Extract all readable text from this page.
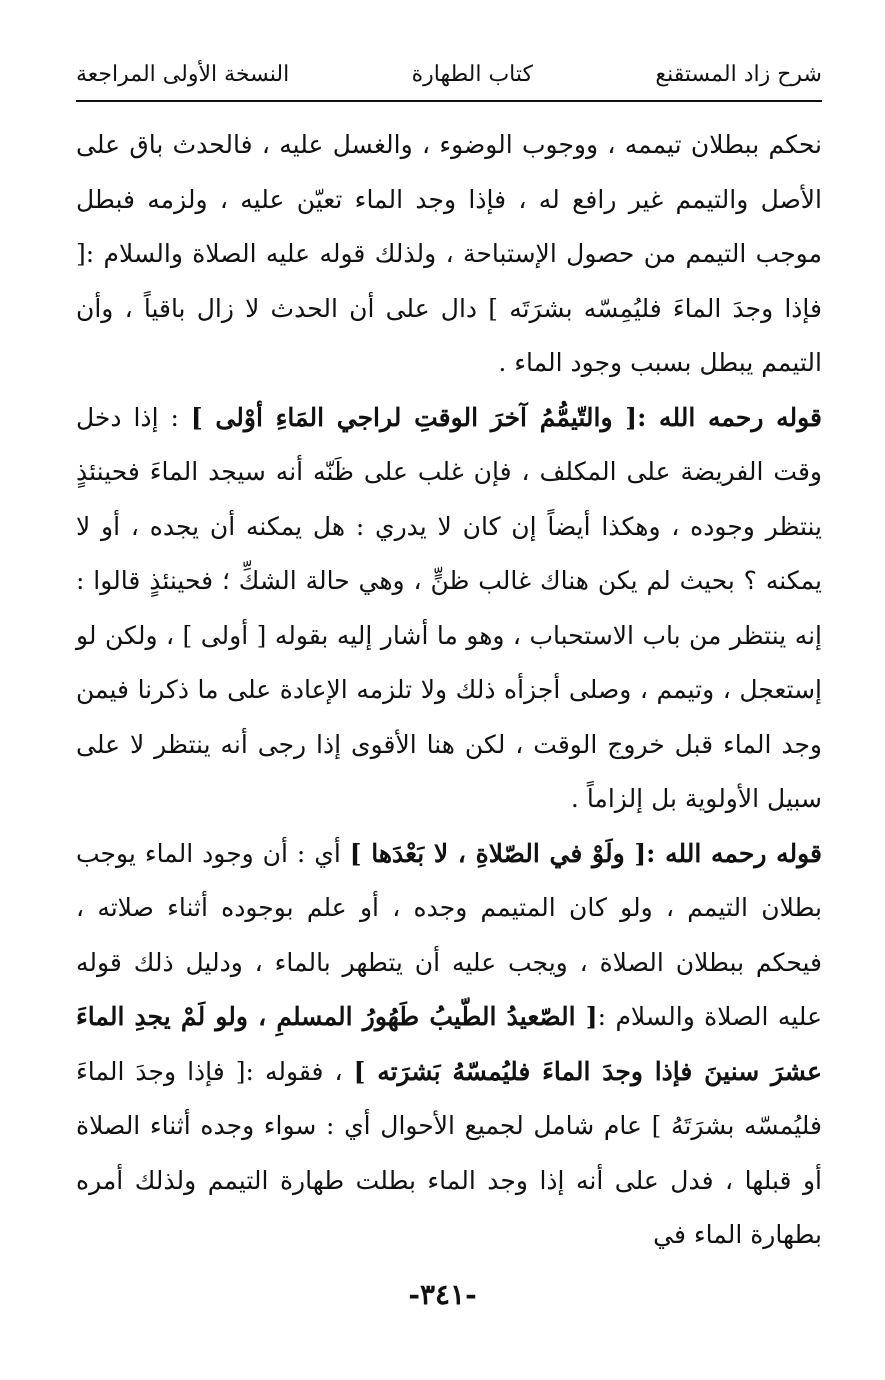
شرح زاد المستقنع
كتاب الطهارة
النسخة الأولى المراجعة

نحكم ببطلان تيممه ، ووجوب الوضوء ، والغسل عليه ، فالحدث باق على الأصل والتيمم غير رافع له ، فإذا وجد الماء تعيّن عليه ، ولزمه فبطل موجب التيمم من حصول الإستباحة ، ولذلك قوله عليه الصلاة والسلام :[ فإذا وجدَ الماءَ فليُمِسّه بشرَتَه ] دال على أن الحدث لا زال باقياً ، وأن التيمم يبطل بسبب وجود الماء .

قوله رحمه الله :[ والتّيمُّمُ آخرَ الوقتِ لراجي المَاءِ أوْلى ] : إذا دخل وقت الفريضة على المكلف ، فإن غلب على ظَنّه أنه سيجد الماءَ فحينئذٍ ينتظر وجوده ، وهكذا أيضاً إن كان لا يدري : هل يمكنه أن يجده ، أو لا يمكنه ؟ بحيث لم يكن هناك غالب ظنٍّ ، وهي حالة الشكِّ ؛ فحينئذٍ قالوا : إنه ينتظر من باب الاستحباب ، وهو ما أشار إليه بقوله [ أولى ] ، ولكن لو إستعجل ، وتيمم ، وصلى أجزأه ذلك ولا تلزمه الإعادة على ما ذكرنا فيمن وجد الماء قبل خروج الوقت ، لكن هنا الأقوى إذا رجى أنه ينتظر لا على سبيل الأولوية بل إلزاماً .

قوله رحمه الله :[ ولَوْ في الصّلاةِ ، لا بَعْدَها ] أي : أن وجود الماء يوجب بطلان التيمم ، ولو كان المتيمم وجده ، أو علم بوجوده أثناء صلاته ، فيحكم ببطلان الصلاة ، ويجب عليه أن يتطهر بالماء ، ودليل ذلك قوله عليه الصلاة والسلام :[ الصّعيدُ الطّيبُ طَهُورُ المسلمِ ، ولو لَمْ يجدِ الماءَ عشرَ سنينَ فإذا وجدَ الماءَ فليُمسّهُ بَشرَته ] ، فقوله :[ فإذا وجدَ الماءَ فليُمسّه بشرَتَهُ ] عام شامل لجميع الأحوال أي : سواء وجده أثناء الصلاة أو قبلها ، فدل على أنه إذا وجد الماء بطلت طهارة التيمم ولذلك أمره بطهارة الماء في

-٣٤١-
